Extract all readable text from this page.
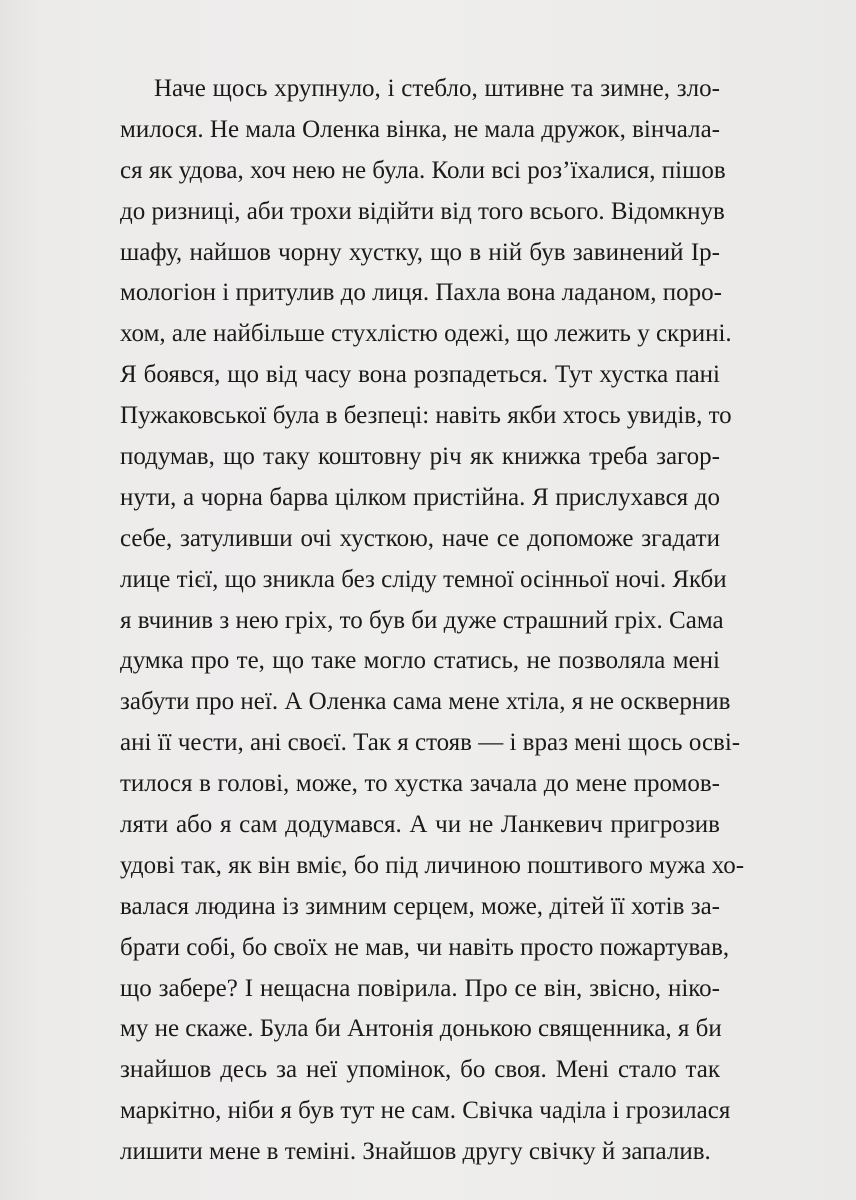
Наче щось хрупнуло, і стебло, штивне та зимне, зло-
милося. Не мала Оленка вінка, не мала дружок, вінчала-
ся як удова, хоч нею не була. Коли всі роз’їхалися, пішов
до ризниці, аби трохи відійти від того всього. Відомкнув
шафу, найшов чорну хустку, що в ній був завинений Ір-
мологіон і притулив до лиця. Пахла вона ладаном, поро-
хом, але найбільше стухлістю одежі, що лежить у скрині.
Я боявся, що від часу вона розпадеться. Тут хустка пані
Пужаковської була в безпеці: навіть якби хтось увидів, то
подумав, що таку коштовну річ як книжка треба загор-
нути, а чорна барва цілком пристійна. Я прислухався до
себе, затуливши очі хусткою, наче се допоможе згадати
лице тієї, що зникла без сліду темної осінньої ночі. Якби
я вчинив з нею гріх, то був би дуже страшний гріх. Сама
думка про те, що таке могло статись, не позволяла мені
забути про неї. А Оленка сама мене хтіла, я не осквернив
ані її чести, ані своєї. Так я стояв — і враз мені щось осві-
тилося в голові, може, то хустка зачала до мене промов-
ляти або я сам додумався. А чи не Ланкевич пригрозив
удові так, як він вміє, бо під личиною поштивого мужа хо-
валася людина із зимним серцем, може, дітей її хотів за-
брати собі, бо своїх не мав, чи навіть просто пожартував,
що забере? І нещасна повірила. Про се він, звісно, ніко-
му не скаже. Була би Антонія донькою священника, я би
знайшов десь за неї упомінок, бо своя. Мені стало так
маркітно, ніби я був тут не сам. Свічка чаділа і грозилася
лишити мене в теміні. Знайшов другу свічку й запалив.
